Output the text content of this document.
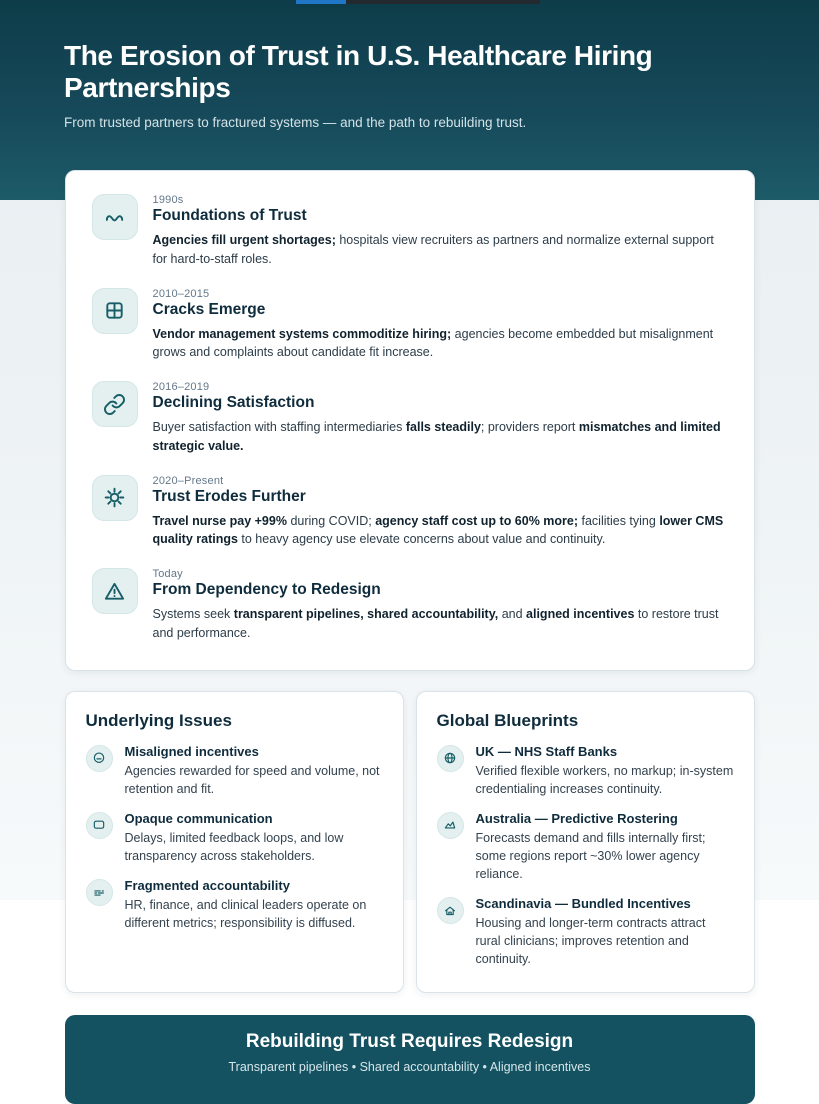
The Erosion of Trust in U.S. Healthcare Hiring Partnerships

From trusted partners to fractured systems — and the path to rebuilding trust.

1990s
Foundations of Trust
Agencies fill urgent shortages; hospitals view recruiters as partners and normalize external support for hard-to-staff roles.
2010–2015
Cracks Emerge
Vendor management systems commoditize hiring; agencies become embedded but misalignment grows and complaints about candidate fit increase.
2016–2019
Declining Satisfaction
Buyer satisfaction with staffing intermediaries falls steadily; providers report mismatches and limited strategic value.
2020–Present
Trust Erodes Further
Travel nurse pay +99% during COVID; agency staff cost up to 60% more; facilities tying lower CMS quality ratings to heavy agency use elevate concerns about value and continuity.
Today
From Dependency to Redesign
Systems seek transparent pipelines, shared accountability, and aligned incentives to restore trust and performance.
Underlying Issues
Misaligned incentives
Agencies rewarded for speed and volume, not retention and fit.
Opaque communication
Delays, limited feedback loops, and low transparency across stakeholders.
Fragmented accountability
HR, finance, and clinical leaders operate on different metrics; responsibility is diffused.
Global Blueprints
UK — NHS Staff Banks
Verified flexible workers, no markup; in-system credentialing increases continuity.
Australia — Predictive Rostering
Forecasts demand and fills internally first; some regions report ~30% lower agency reliance.
Scandinavia — Bundled Incentives
Housing and longer-term contracts attract rural clinicians; improves retention and continuity.
Rebuilding Trust Requires Redesign
Transparent pipelines • Shared accountability • Aligned incentives
